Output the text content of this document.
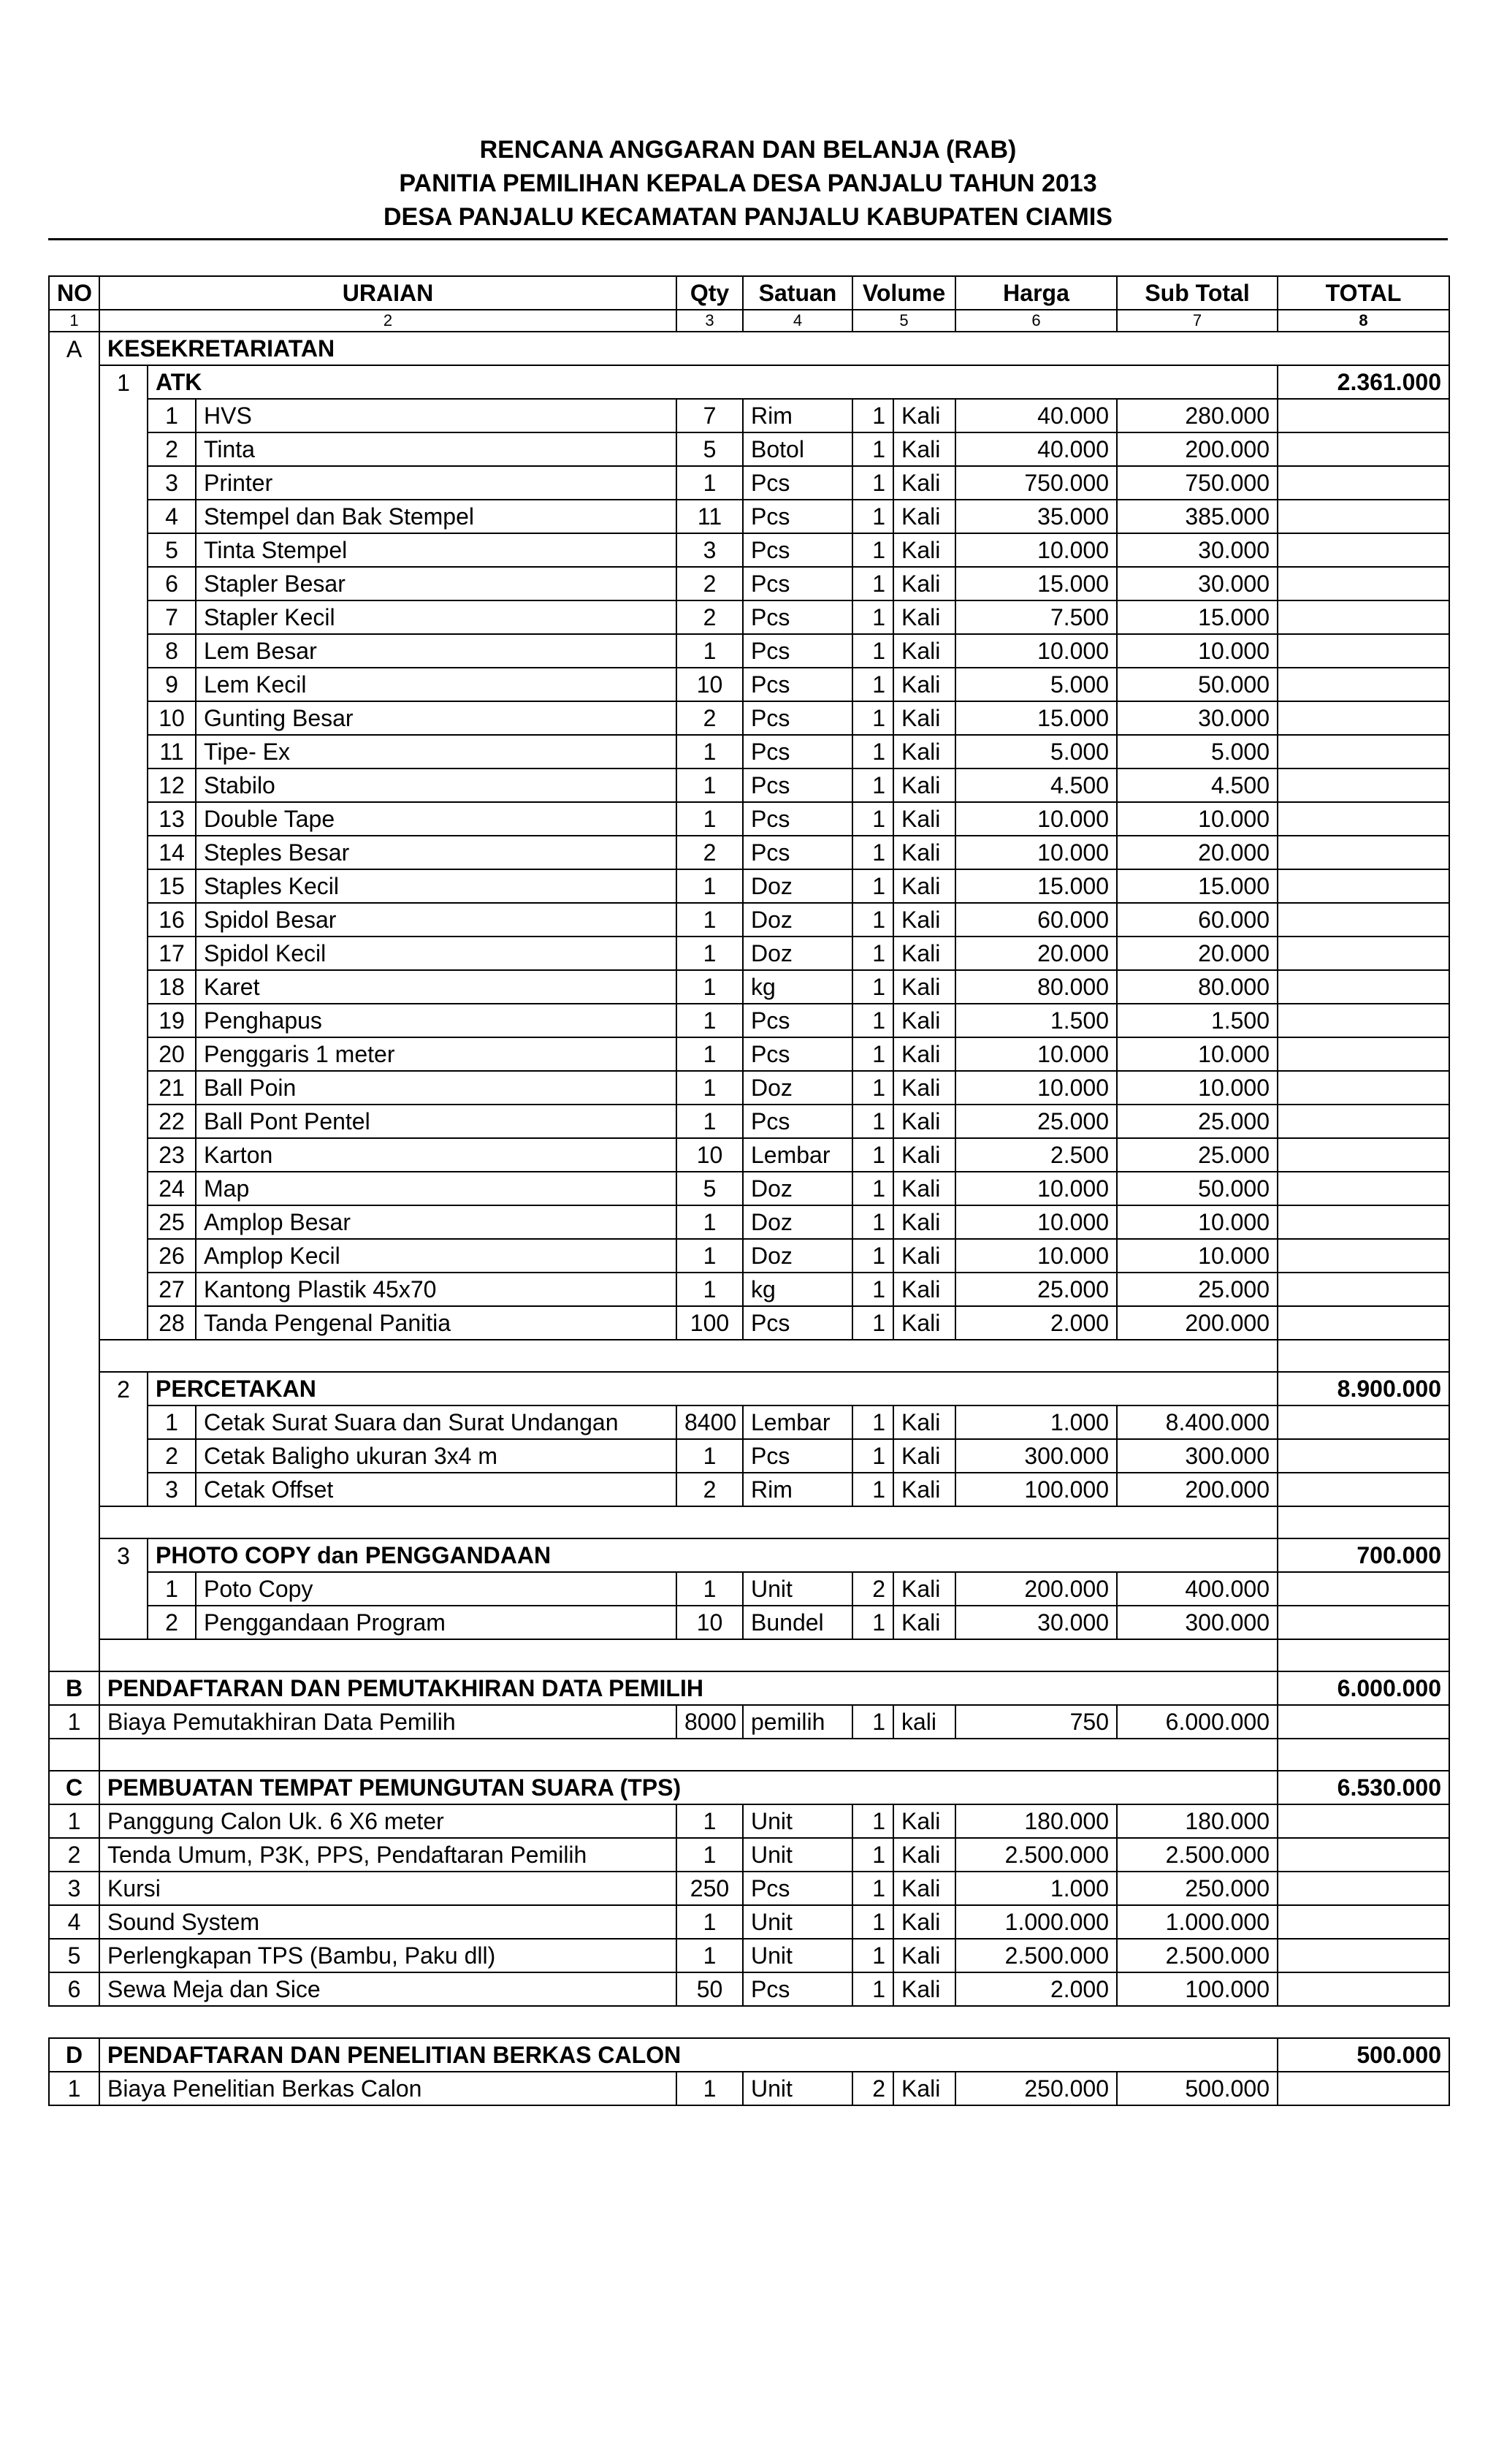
RENCANA ANGGARAN DAN BELANJA (RAB)
PANITIA PEMILIHAN KEPALA DESA PANJALU TAHUN 2013
DESA PANJALU KECAMATAN PANJALU KABUPATEN CIAMIS
NO	URAIAN			Qty	Satuan	Volume		Harga	Sub Total	TOTAL
1	2			3	4	5		6	7	8
A	KESEKRETARIATAN									
	1	ATK								2.361.000
		1	HVS	7	Rim	1	Kali	40.000	280.000	
		2	Tinta	5	Botol	1	Kali	40.000	200.000	
		3	Printer	1	Pcs	1	Kali	750.000	750.000	
		4	Stempel dan Bak Stempel	11	Pcs	1	Kali	35.000	385.000	
		5	Tinta Stempel	3	Pcs	1	Kali	10.000	30.000	
		6	Stapler Besar	2	Pcs	1	Kali	15.000	30.000	
		7	Stapler Kecil	2	Pcs	1	Kali	7.500	15.000	
		8	Lem Besar	1	Pcs	1	Kali	10.000	10.000	
		9	Lem Kecil	10	Pcs	1	Kali	5.000	50.000	
		10	Gunting Besar	2	Pcs	1	Kali	15.000	30.000	
		11	Tipe- Ex	1	Pcs	1	Kali	5.000	5.000	
		12	Stabilo	1	Pcs	1	Kali	4.500	4.500	
		13	Double Tape	1	Pcs	1	Kali	10.000	10.000	
		14	Steples Besar	2	Pcs	1	Kali	10.000	20.000	
		15	Staples Kecil	1	Doz	1	Kali	15.000	15.000	
		16	Spidol Besar	1	Doz	1	Kali	60.000	60.000	
		17	Spidol Kecil	1	Doz	1	Kali	20.000	20.000	
		18	Karet	1	kg	1	Kali	80.000	80.000	
		19	Penghapus	1	Pcs	1	Kali	1.500	1.500	
		20	Penggaris 1 meter	1	Pcs	1	Kali	10.000	10.000	
		21	Ball Poin	1	Doz	1	Kali	10.000	10.000	
		22	Ball Pont Pentel	1	Pcs	1	Kali	25.000	25.000	
		23	Karton	10	Lembar	1	Kali	2.500	25.000	
		24	Map	5	Doz	1	Kali	10.000	50.000	
		25	Amplop Besar	1	Doz	1	Kali	10.000	10.000	
		26	Amplop Kecil	1	Doz	1	Kali	10.000	10.000	
		27	Kantong Plastik 45x70	1	kg	1	Kali	25.000	25.000	
		28	Tanda Pengenal Panitia	100	Pcs	1	Kali	2.000	200.000	

	2	PERCETAKAN								8.900.000
		1	Cetak Surat Suara dan Surat Undangan	8400	Lembar	1	Kali	1.000	8.400.000	
		2	Cetak Baligho ukuran 3x4 m	1	Pcs	1	Kali	300.000	300.000	
		3	Cetak Offset	2	Rim	1	Kali	100.000	200.000	

	3	PHOTO COPY dan PENGGANDAAN								700.000
		1	Poto Copy	1	Unit	2	Kali	200.000	400.000	
		2	Penggandaan Program	10	Bundel	1	Kali	30.000	300.000	

B	PENDAFTARAN DAN PEMUTAKHIRAN DATA PEMILIH									6.000.000
1	Biaya Pemutakhiran Data Pemilih			8000	pemilih	1	kali	750	6.000.000	

C	PEMBUATAN TEMPAT PEMUNGUTAN SUARA (TPS)									6.530.000
1	Panggung Calon Uk. 6 X6 meter			1	Unit	1	Kali	180.000	180.000	
2	Tenda Umum, P3K, PPS, Pendaftaran Pemilih			1	Unit	1	Kali	2.500.000	2.500.000	
3	Kursi			250	Pcs	1	Kali	1.000	250.000	
4	Sound System			1	Unit	1	Kali	1.000.000	1.000.000	
5	Perlengkapan TPS (Bambu, Paku dll)			1	Unit	1	Kali	2.500.000	2.500.000	
6	Sewa Meja dan Sice			50	Pcs	1	Kali	2.000	100.000	

D	PENDAFTARAN DAN PENELITIAN BERKAS CALON									500.000
1	Biaya Penelitian Berkas Calon			1	Unit	2	Kali	250.000	500.000	
